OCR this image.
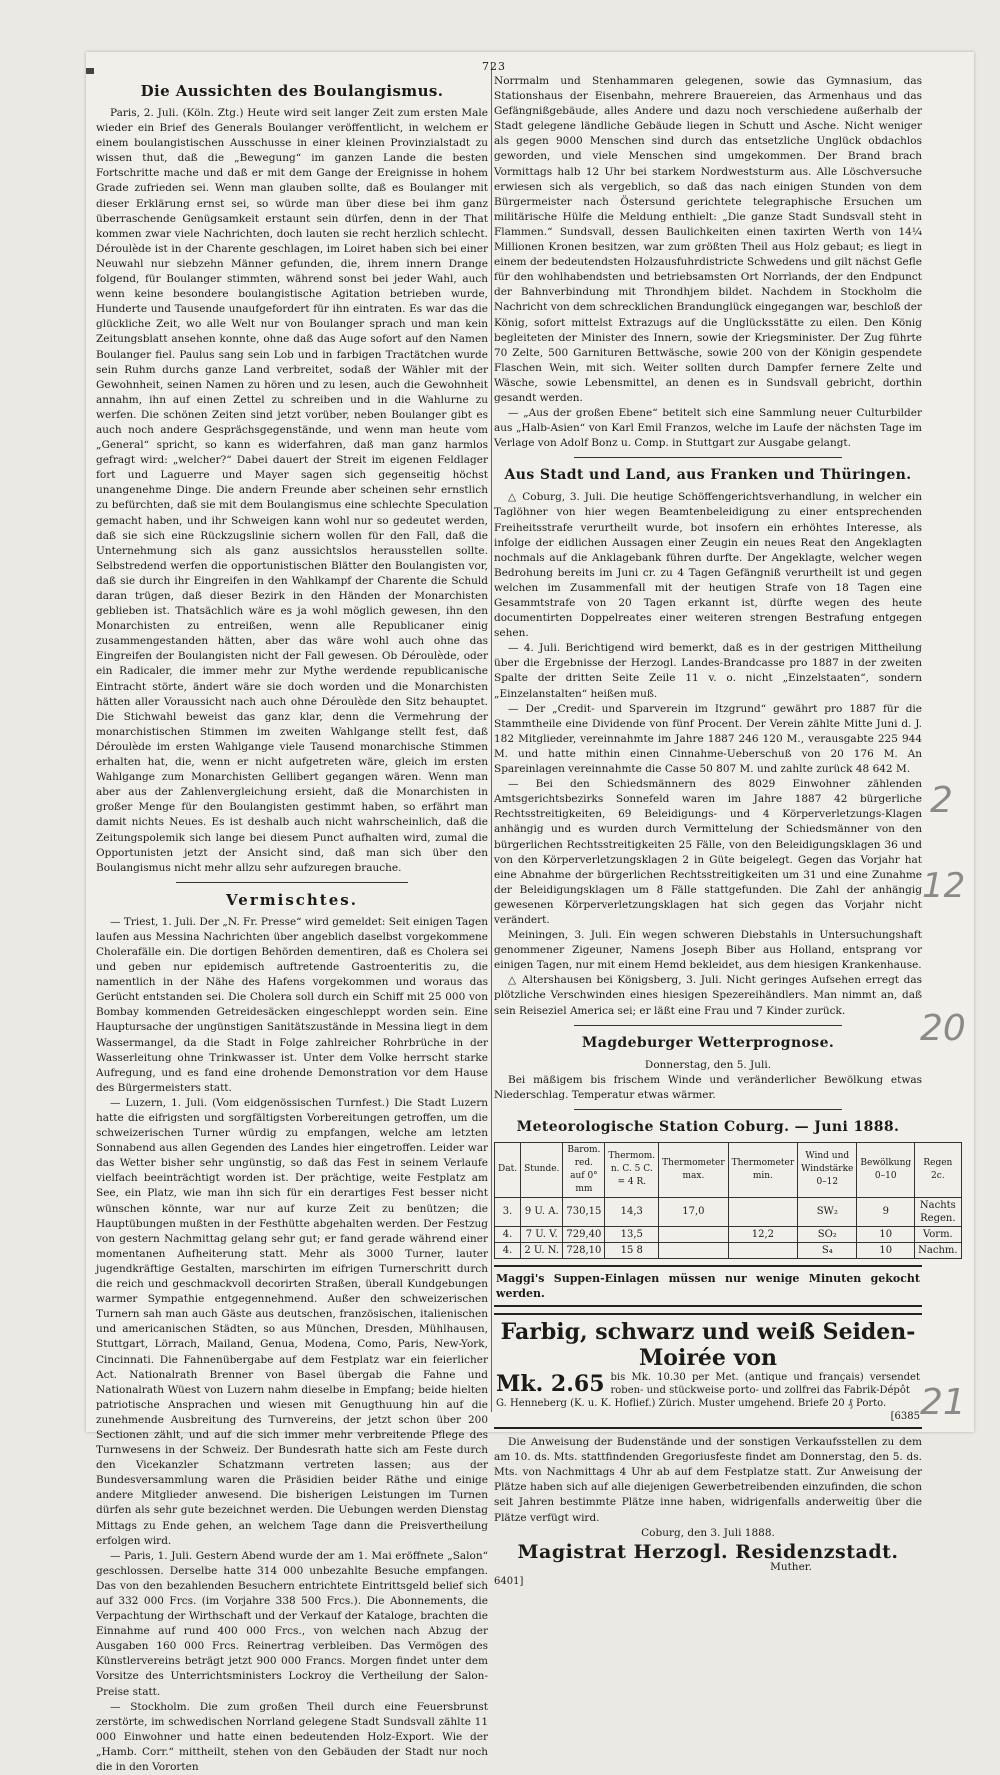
723
Die Aussichten des Boulangismus.

Paris, 2. Juli. (Köln. Ztg.) Heute wird seit langer Zeit zum ersten Male wieder ein Brief des Generals Boulanger veröffentlicht, in welchem er einem boulangistischen Ausschusse in einer kleinen Provinzialstadt zu wissen thut, daß die „Bewegung“ im ganzen Lande die besten Fortschritte mache und daß er mit dem Gange der Ereignisse in hohem Grade zufrieden sei. Wenn man glauben sollte, daß es Boulanger mit dieser Erklärung ernst sei, so würde man über diese bei ihm ganz überraschende Genügsamkeit erstaunt sein dürfen, denn in der That kommen zwar viele Nachrichten, doch lauten sie recht herzlich schlecht. Déroulède ist in der Charente geschlagen, im Loiret haben sich bei einer Neuwahl nur siebzehn Männer gefunden, die, ihrem innern Drange folgend, für Boulanger stimmten, während sonst bei jeder Wahl, auch wenn keine besondere boulangistische Agitation betrieben wurde, Hunderte und Tausende unaufgefordert für ihn eintraten. Es war das die glückliche Zeit, wo alle Welt nur von Boulanger sprach und man kein Zeitungsblatt ansehen konnte, ohne daß das Auge sofort auf den Namen Boulanger fiel. Paulus sang sein Lob und in farbigen Tractätchen wurde sein Ruhm durchs ganze Land verbreitet, sodaß der Wähler mit der Gewohnheit, seinen Namen zu hören und zu lesen, auch die Gewohnheit annahm, ihn auf einen Zettel zu schreiben und in die Wahlurne zu werfen. Die schönen Zeiten sind jetzt vorüber, neben Boulanger gibt es auch noch andere Gesprächsgegenstände, und wenn man heute vom „General“ spricht, so kann es widerfahren, daß man ganz harmlos gefragt wird: „welcher?“ Dabei dauert der Streit im eigenen Feldlager fort und Laguerre und Mayer sagen sich gegenseitig höchst unangenehme Dinge. Die andern Freunde aber scheinen sehr ernstlich zu befürchten, daß sie mit dem Boulangismus eine schlechte Speculation gemacht haben, und ihr Schweigen kann wohl nur so gedeutet werden, daß sie sich eine Rückzugslinie sichern wollen für den Fall, daß die Unternehmung sich als ganz aussichtslos herausstellen sollte. Selbstredend werfen die opportunistischen Blätter den Boulangisten vor, daß sie durch ihr Eingreifen in den Wahlkampf der Charente die Schuld daran trügen, daß dieser Bezirk in den Händen der Monarchisten geblieben ist. Thatsächlich wäre es ja wohl möglich gewesen, ihn den Monarchisten zu entreißen, wenn alle Republicaner einig zusammengestanden hätten, aber das wäre wohl auch ohne das Eingreifen der Boulangisten nicht der Fall gewesen. Ob Déroulède, oder ein Radicaler, die immer mehr zur Mythe werdende republicanische Eintracht störte, ändert wäre sie doch worden und die Monarchisten hätten aller Voraussicht nach auch ohne Déroulède den Sitz behauptet. Die Stichwahl beweist das ganz klar, denn die Vermehrung der monarchistischen Stimmen im zweiten Wahlgange stellt fest, daß Déroulède im ersten Wahlgange viele Tausend monarchische Stimmen erhalten hat, die, wenn er nicht aufgetreten wäre, gleich im ersten Wahlgange zum Monarchisten Gellibert gegangen wären. Wenn man aber aus der Zahlenvergleichung ersieht, daß die Monarchisten in großer Menge für den Boulangisten gestimmt haben, so erfährt man damit nichts Neues. Es ist deshalb auch nicht wahrscheinlich, daß die Zeitungspolemik sich lange bei diesem Punct aufhalten wird, zumal die Opportunisten jetzt der Ansicht sind, daß man sich über den Boulangismus nicht mehr allzu sehr aufzuregen brauche.

Vermischtes.

— Triest, 1. Juli. Der „N. Fr. Presse“ wird gemeldet: Seit einigen Tagen laufen aus Messina Nachrichten über angeblich daselbst vorgekommene Cholerafälle ein. Die dortigen Behörden dementiren, daß es Cholera sei und geben nur epidemisch auftretende Gastroenteritis zu, die namentlich in der Nähe des Hafens vorgekommen und woraus das Gerücht entstanden sei. Die Cholera soll durch ein Schiff mit 25 000 von Bombay kommenden Getreidesäcken eingeschleppt worden sein. Eine Hauptursache der ungünstigen Sanitätszustände in Messina liegt in dem Wassermangel, da die Stadt in Folge zahlreicher Rohrbrüche in der Wasserleitung ohne Trinkwasser ist. Unter dem Volke herrscht starke Aufregung, und es fand eine drohende Demonstration vor dem Hause des Bürgermeisters statt.

— Luzern, 1. Juli. (Vom eidgenössischen Turnfest.) Die Stadt Luzern hatte die eifrigsten und sorgfältigsten Vorbereitungen getroffen, um die schweizerischen Turner würdig zu empfangen, welche am letzten Sonnabend aus allen Gegenden des Landes hier eingetroffen. Leider war das Wetter bisher sehr ungünstig, so daß das Fest in seinem Verlaufe vielfach beeinträchtigt worden ist. Der prächtige, weite Festplatz am See, ein Platz, wie man ihn sich für ein derartiges Fest besser nicht wünschen könnte, war nur auf kurze Zeit zu benützen; die Hauptübungen mußten in der Festhütte abgehalten werden. Der Festzug von gestern Nachmittag gelang sehr gut; er fand gerade während einer momentanen Aufheiterung statt. Mehr als 3000 Turner, lauter jugendkräftige Gestalten, marschirten im eifrigen Turnerschritt durch die reich und geschmackvoll decorirten Straßen, überall Kundgebungen warmer Sympathie entgegennehmend. Außer den schweizerischen Turnern sah man auch Gäste aus deutschen, französischen, italienischen und americanischen Städten, so aus München, Dresden, Mühlhausen, Stuttgart, Lörrach, Mailand, Genua, Modena, Como, Paris, New-York, Cincinnati. Die Fahnenübergabe auf dem Festplatz war ein feierlicher Act. Nationalrath Brenner von Basel übergab die Fahne und Nationalrath Wüest von Luzern nahm dieselbe in Empfang; beide hielten patriotische Ansprachen und wiesen mit Genugthuung hin auf die zunehmende Ausbreitung des Turnvereins, der jetzt schon über 200 Sectionen zählt, und auf die sich immer mehr verbreitende Pflege des Turnwesens in der Schweiz. Der Bundesrath hatte sich am Feste durch den Vicekanzler Schatzmann vertreten lassen; aus der Bundesversammlung waren die Präsidien beider Räthe und einige andere Mitglieder anwesend. Die bisherigen Leistungen im Turnen dürfen als sehr gute bezeichnet werden. Die Uebungen werden Dienstag Mittags zu Ende gehen, an welchem Tage dann die Preisvertheilung erfolgen wird.

— Paris, 1. Juli. Gestern Abend wurde der am 1. Mai eröffnete „Salon“ geschlossen. Derselbe hatte 314 000 unbezahlte Besuche empfangen. Das von den bezahlenden Besuchern entrichtete Eintrittsgeld belief sich auf 332 000 Frcs. (im Vorjahre 338 500 Frcs.). Die Abonnements, die Verpachtung der Wirthschaft und der Verkauf der Kataloge, brachten die Einnahme auf rund 400 000 Frcs., von welchen nach Abzug der Ausgaben 160 000 Frcs. Reinertrag verbleiben. Das Vermögen des Künstlervereins beträgt jetzt 900 000 Francs. Morgen findet unter dem Vorsitze des Unterrichtsministers Lockroy die Vertheilung der Salon-Preise statt.

— Stockholm. Die zum großen Theil durch eine Feuersbrunst zerstörte, im schwedischen Norrland gelegene Stadt Sundsvall zählte 11 000 Einwohner und hatte einen bedeutenden Holz-Export. Wie der „Hamb. Corr.“ mittheilt, stehen von den Gebäuden der Stadt nur noch die in den Vororten

Norrmalm und Stenhammaren gelegenen, sowie das Gymnasium, das Stationshaus der Eisenbahn, mehrere Brauereien, das Armenhaus und das Gefängnißgebäude, alles Andere und dazu noch verschiedene außerhalb der Stadt gelegene ländliche Gebäude liegen in Schutt und Asche. Nicht weniger als gegen 9000 Menschen sind durch das entsetzliche Unglück obdachlos geworden, und viele Menschen sind umgekommen. Der Brand brach Vormittags halb 12 Uhr bei starkem Nordweststurm aus. Alle Löschversuche erwiesen sich als vergeblich, so daß das nach einigen Stunden von dem Bürgermeister nach Östersund gerichtete telegraphische Ersuchen um militärische Hülfe die Meldung enthielt: „Die ganze Stadt Sundsvall steht in Flammen.“ Sundsvall, dessen Baulichkeiten einen taxirten Werth von 14¼ Millionen Kronen besitzen, war zum größten Theil aus Holz gebaut; es liegt in einem der bedeutendsten Holzausfuhrdistricte Schwedens und gilt nächst Gefle für den wohlhabendsten und betriebsamsten Ort Norrlands, der den Endpunct der Bahnverbindung mit Throndhjem bildet. Nachdem in Stockholm die Nachricht von dem schrecklichen Brandunglück eingegangen war, beschloß der König, sofort mittelst Extrazugs auf die Unglücksstätte zu eilen. Den König begleiteten der Minister des Innern, sowie der Kriegsminister. Der Zug führte 70 Zelte, 500 Garnituren Bettwäsche, sowie 200 von der Königin gespendete Flaschen Wein, mit sich. Weiter sollten durch Dampfer fernere Zelte und Wäsche, sowie Lebensmittel, an denen es in Sundsvall gebricht, dorthin gesandt werden.

— „Aus der großen Ebene“ betitelt sich eine Sammlung neuer Culturbilder aus „Halb-Asien“ von Karl Emil Franzos, welche im Laufe der nächsten Tage im Verlage von Adolf Bonz u. Comp. in Stuttgart zur Ausgabe gelangt.

Aus Stadt und Land, aus Franken und Thüringen.

△ Coburg, 3. Juli. Die heutige Schöffengerichtsverhandlung, in welcher ein Taglöhner von hier wegen Beamtenbeleidigung zu einer entsprechenden Freiheitsstrafe verurtheilt wurde, bot insofern ein erhöhtes Interesse, als infolge der eidlichen Aussagen einer Zeugin ein neues Reat den Angeklagten nochmals auf die Anklagebank führen durfte. Der Angeklagte, welcher wegen Bedrohung bereits im Juni cr. zu 4 Tagen Gefängniß verurtheilt ist und gegen welchen im Zusammenfall mit der heutigen Strafe von 18 Tagen eine Gesammtstrafe von 20 Tagen erkannt ist, dürfte wegen des heute documentirten Doppelreates einer weiteren strengen Bestrafung entgegen sehen.

— 4. Juli. Berichtigend wird bemerkt, daß es in der gestrigen Mittheilung über die Ergebnisse der Herzogl. Landes-Brandcasse pro 1887 in der zweiten Spalte der dritten Seite Zeile 11 v. o. nicht „Einzelstaaten“, sondern „Einzelanstalten“ heißen muß.

— Der „Credit- und Sparverein im Itzgrund“ gewährt pro 1887 für die Stammtheile eine Dividende von fünf Procent. Der Verein zählte Mitte Juni d. J. 182 Mitglieder, vereinnahmte im Jahre 1887 246 120 M., verausgabte 225 944 M. und hatte mithin einen Cinnahme-Ueberschuß von 20 176 M. An Spareinlagen vereinnahmte die Casse 50 807 M. und zahlte zurück 48 642 M.

— Bei den Schiedsmännern des 8029 Einwohner zählenden Amtsgerichtsbezirks Sonnefeld waren im Jahre 1887 42 bürgerliche Rechtsstreitigkeiten, 69 Beleidigungs- und 4 Körperverletzungs-Klagen anhängig und es wurden durch Vermittelung der Schiedsmänner von den bürgerlichen Rechtsstreitigkeiten 25 Fälle, von den Beleidigungsklagen 36 und von den Körperverletzungsklagen 2 in Güte beigelegt. Gegen das Vorjahr hat eine Abnahme der bürgerlichen Rechtsstreitigkeiten um 31 und eine Zunahme der Beleidigungsklagen um 8 Fälle stattgefunden. Die Zahl der anhängig gewesenen Körperverletzungsklagen hat sich gegen das Vorjahr nicht verändert.

Meiningen, 3. Juli. Ein wegen schweren Diebstahls in Untersuchungshaft genommener Zigeuner, Namens Joseph Biber aus Holland, entsprang vor einigen Tagen, nur mit einem Hemd bekleidet, aus dem hiesigen Krankenhause.

△ Altershausen bei Königsberg, 3. Juli. Nicht geringes Aufsehen erregt das plötzliche Verschwinden eines hiesigen Spezereihändlers. Man nimmt an, daß sein Reiseziel America sei; er läßt eine Frau und 7 Kinder zurück.

Magdeburger Wetterprognose.
Donnerstag, den 5. Juli.

Bei mäßigem bis frischem Winde und veränderlicher Bewölkung etwas Niederschlag. Temperatur etwas wärmer.

Meteorologische Station Coburg. — Juni 1888.
Dat.	Stunde.	Barom. red. auf 0° mm	Thermom. n. C. 5 C. = 4 R.	Thermometer max.	Thermometer min.	Wind und Windstärke 0–12	Bewölkung 0–10	Regen 2c.
3.	9 U. A.	730,15	14,3	17,0		SW₂	9	Nachts Regen.
4.	7 U. V.	729,40	13,5		12,2	SO₂	10	Vorm.
4.	2 U. N.	728,10	15 8			S₄	10	Nachm.
Maggi's Suppen-Einlagen müssen nur wenige Minuten gekocht werden.
Farbig, schwarz und weiß Seiden-Moirée von
Mk. 2.65 bis Mk. 10.30 per Met. (antique und français) versendet roben- und stückweise porto- und zollfrei das Fabrik-Dépôt
G. Henneberg (K. u. K. Hoflief.) Zürich. Muster umgehend. Briefe 20 ₰ Porto.
[6385

Die Anweisung der Budenstände und der sonstigen Verkaufsstellen zu dem am 10. ds. Mts. stattfindenden Gregoriusfeste findet am Donnerstag, den 5. ds. Mts. von Nachmittags 4 Uhr ab auf dem Festplatze statt. Zur Anweisung der Plätze haben sich auf alle diejenigen Gewerbetreibenden einzufinden, die schon seit Jahren bestimmte Plätze inne haben, widrigenfalls anderweitig über die Plätze verfügt wird.

Coburg, den 3. Juli 1888.
Magistrat Herzogl. Residenzstadt.
Muther.
6401]
2
12
20
21
